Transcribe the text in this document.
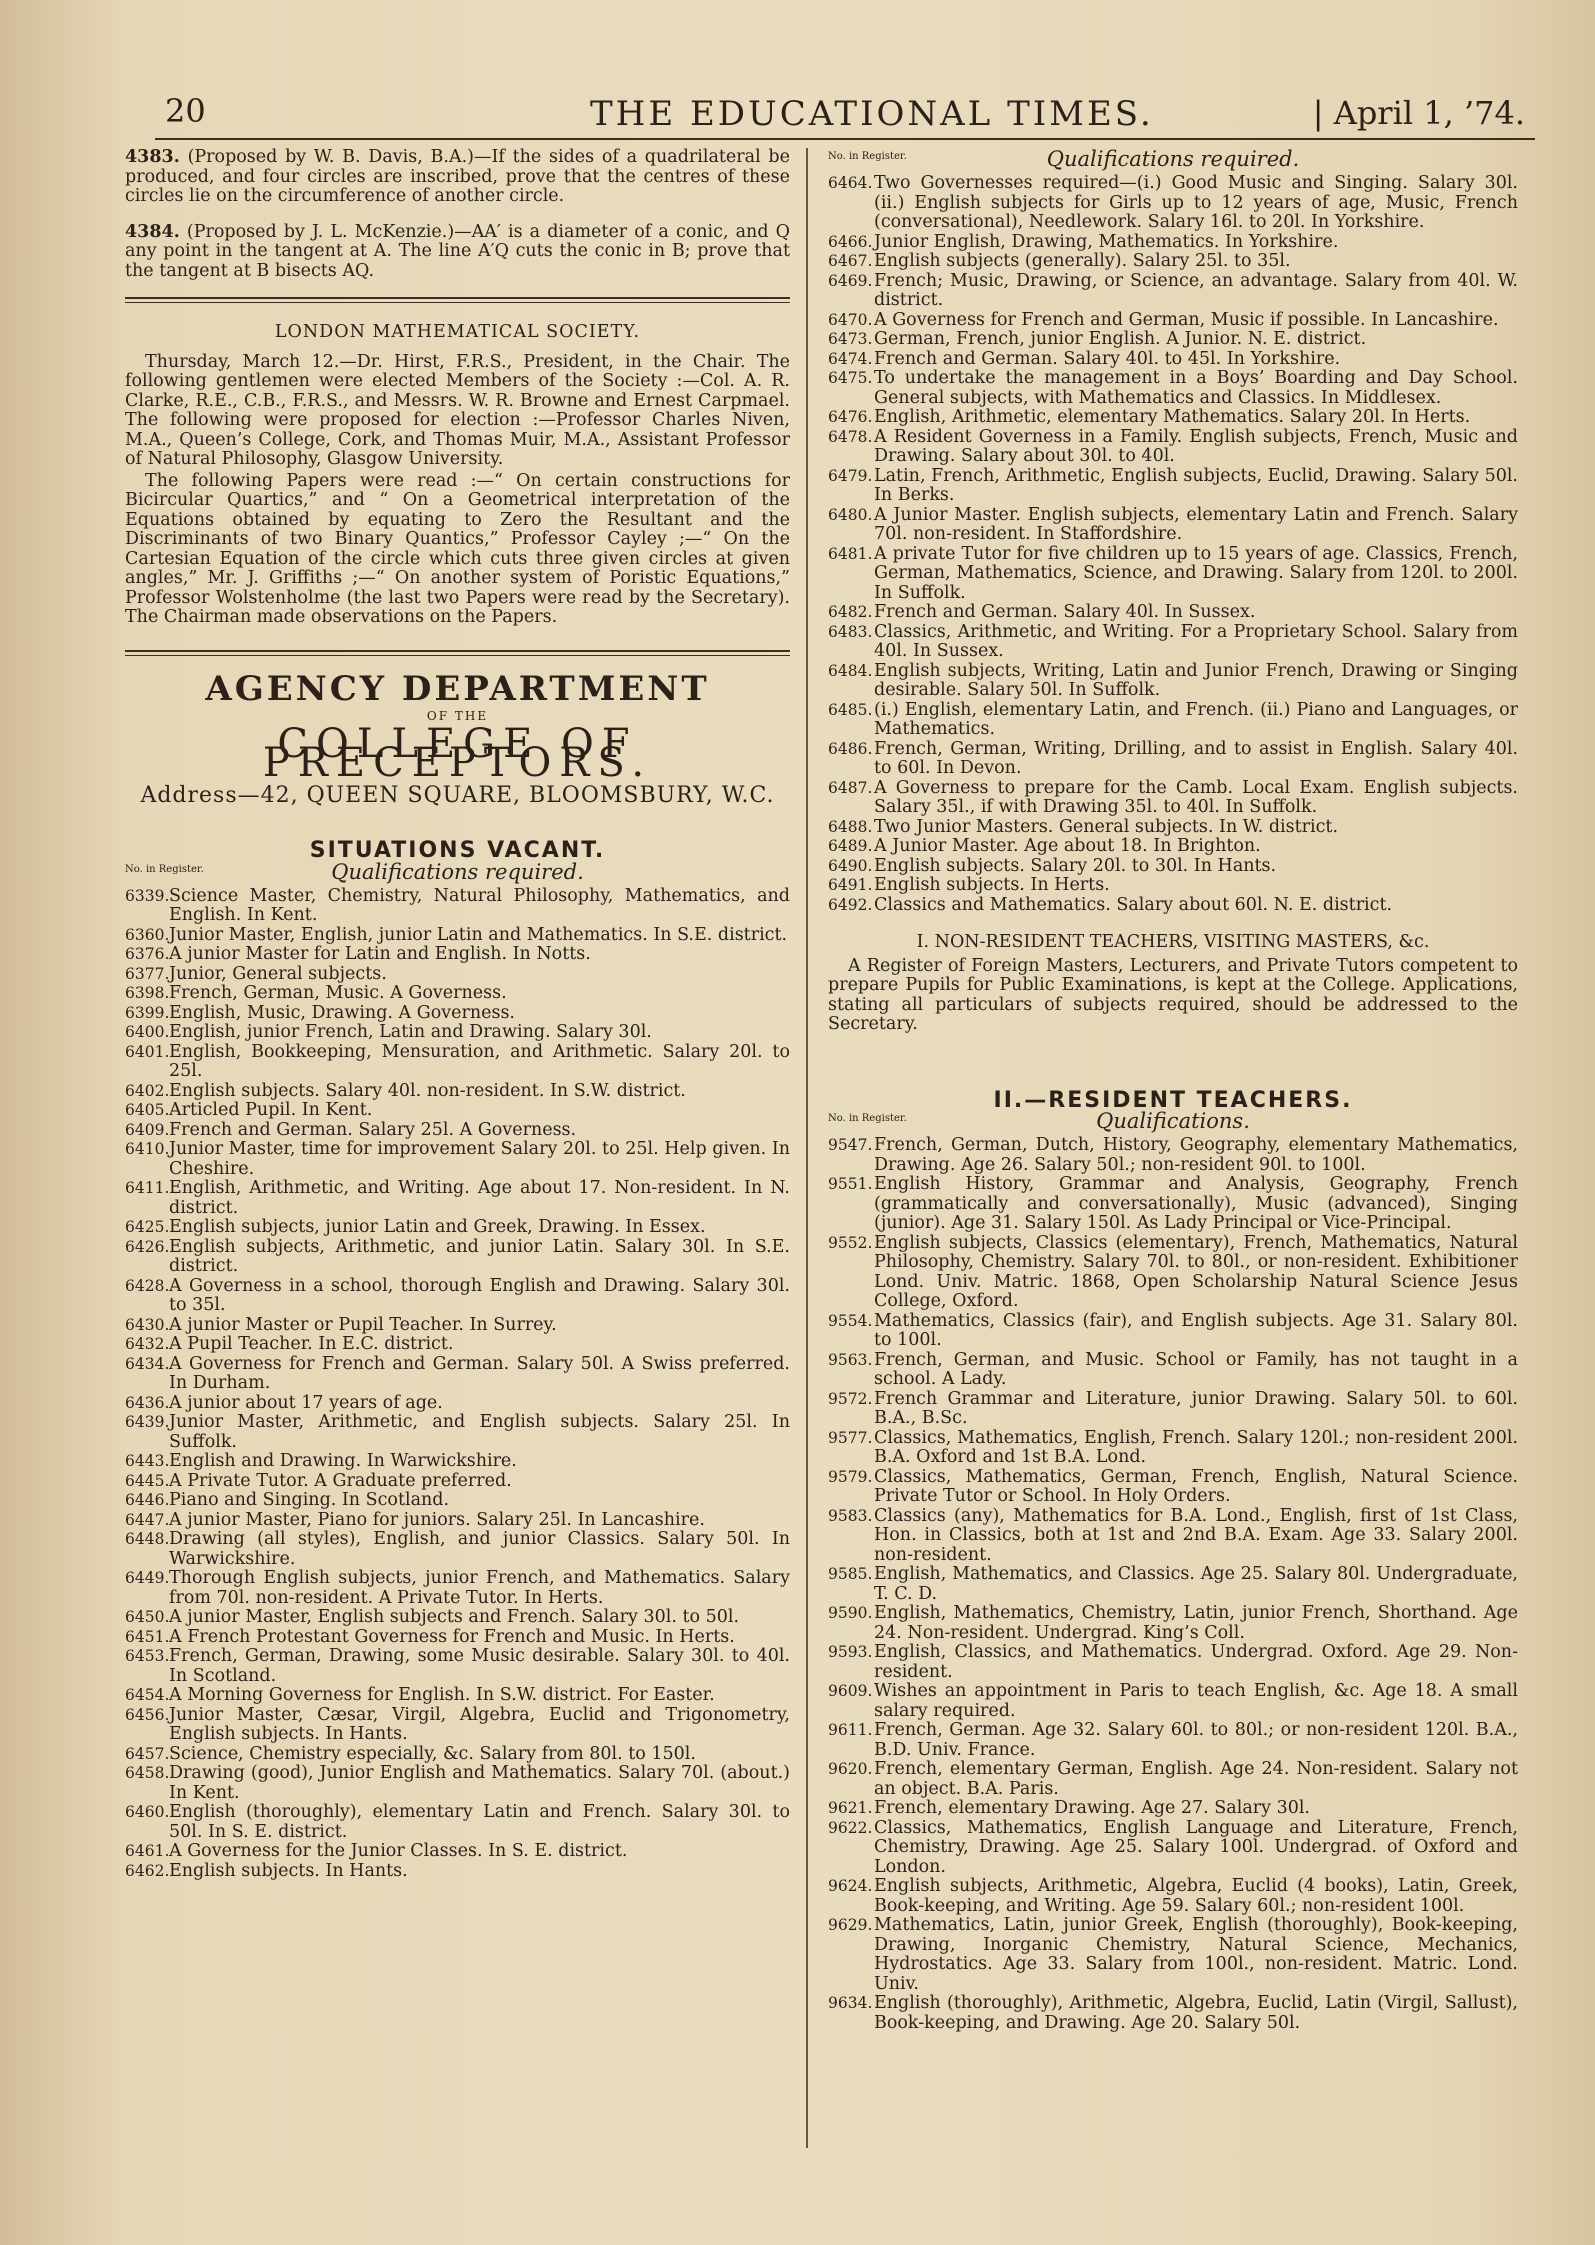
20	THE EDUCATIONAL TIMES.	| April 1, ’74.

4383. (Proposed by W. B. Davis, B.A.)—If the sides of a quadrilateral be produced, and four circles are inscribed, prove that the centres of these circles lie on the circumference of another circle.

4384. (Proposed by J. L. McKenzie.)—AA′ is a diameter of a conic, and Q any point in the tangent at A. The line A′Q cuts the conic in B; prove that the tangent at B bisects AQ.

LONDON MATHEMATICAL SOCIETY.

Thursday, March 12.—Dr. Hirst, F.R.S., President, in the Chair. The following gentlemen were elected Members of the Society :—Col. A. R. Clarke, R.E., C.B., F.R.S., and Messrs. W. R. Browne and Ernest Carpmael. The following were proposed for election :—Professor Charles Niven, M.A., Queen’s College, Cork, and Thomas Muir, M.A., Assistant Professor of Natural Philosophy, Glasgow University.

The following Papers were read :—“ On certain constructions for Bicircular Quartics,” and “ On a Geometrical interpretation of the Equations obtained by equating to Zero the Resultant and the Discriminants of two Binary Quantics,” Professor Cayley ;—“ On the Cartesian Equation of the circle which cuts three given circles at given angles,” Mr. J. Griffiths ;—“ On another system of Poristic Equations,” Professor Wolstenholme (the last two Papers were read by the Secretary). The Chairman made observations on the Papers.

AGENCY DEPARTMENT
OF THE
COLLEGE OF PRECEPTORS.
Address—42, QUEEN SQUARE, BLOOMSBURY, W.C.
SITUATIONS VACANT.
No. in Register.	Qualifications required.
6339. Science Master, Chemistry, Natural Philosophy, Mathematics, and English. In Kent.
6360. Junior Master, English, junior Latin and Mathematics. In S.E. district.
6376. A junior Master for Latin and English. In Notts.
6377. Junior, General subjects.
6398. French, German, Music. A Governess.
6399. English, Music, Drawing. A Governess.
6400. English, junior French, Latin and Drawing. Salary 30l.
6401. English, Bookkeeping, Mensuration, and Arithmetic. Salary 20l. to 25l.
6402. English subjects. Salary 40l. non-resident. In S.W. district.
6405. Articled Pupil. In Kent.
6409. French and German. Salary 25l. A Governess.
6410. Junior Master, time for improvement Salary 20l. to 25l. Help given. In Cheshire.
6411. English, Arithmetic, and Writing. Age about 17. Non-resident. In N. district.
6425. English subjects, junior Latin and Greek, Drawing. In Essex.
6426. English subjects, Arithmetic, and junior Latin. Salary 30l. In S.E. district.
6428. A Governess in a school, thorough English and Drawing. Salary 30l. to 35l.
6430. A junior Master or Pupil Teacher. In Surrey.
6432. A Pupil Teacher. In E.C. district.
6434. A Governess for French and German. Salary 50l. A Swiss preferred. In Durham.
6436. A junior about 17 years of age.
6439. Junior Master, Arithmetic, and English subjects. Salary 25l. In Suffolk.
6443. English and Drawing. In Warwickshire.
6445. A Private Tutor. A Graduate preferred.
6446. Piano and Singing. In Scotland.
6447. A junior Master, Piano for juniors. Salary 25l. In Lancashire.
6448. Drawing (all styles), English, and junior Classics. Salary 50l. In Warwickshire.
6449. Thorough English subjects, junior French, and Mathematics. Salary from 70l. non-resident. A Private Tutor. In Herts.
6450. A junior Master, English subjects and French. Salary 30l. to 50l.
6451. A French Protestant Governess for French and Music. In Herts.
6453. French, German, Drawing, some Music desirable. Salary 30l. to 40l. In Scotland.
6454. A Morning Governess for English. In S.W. district. For Easter.
6456. Junior Master, Cæsar, Virgil, Algebra, Euclid and Trigonometry, English subjects. In Hants.
6457. Science, Chemistry especially, &c. Salary from 80l. to 150l.
6458. Drawing (good), Junior English and Mathematics. Salary 70l. (about.) In Kent.
6460. English (thoroughly), elementary Latin and French. Salary 30l. to 50l. In S. E. district.
6461. A Governess for the Junior Classes. In S. E. district.
6462. English subjects. In Hants.
No. in Register.	Qualifications required.
6464. Two Governesses required—(i.) Good Music and Singing. Salary 30l. (ii.) English subjects for Girls up to 12 years of age, Music, French (conversational), Needlework. Salary 16l. to 20l. In Yorkshire.
6466. Junior English, Drawing, Mathematics. In Yorkshire.
6467. English subjects (generally). Salary 25l. to 35l.
6469. French; Music, Drawing, or Science, an advantage. Salary from 40l. W. district.
6470. A Governess for French and German, Music if possible. In Lancashire.
6473. German, French, junior English. A Junior. N. E. district.
6474. French and German. Salary 40l. to 45l. In Yorkshire.
6475. To undertake the management in a Boys’ Boarding and Day School. General subjects, with Mathematics and Classics. In Middlesex.
6476. English, Arithmetic, elementary Mathematics. Salary 20l. In Herts.
6478. A Resident Governess in a Family. English subjects, French, Music and Drawing. Salary about 30l. to 40l.
6479. Latin, French, Arithmetic, English subjects, Euclid, Drawing. Salary 50l. In Berks.
6480. A Junior Master. English subjects, elementary Latin and French. Salary 70l. non-resident. In Staffordshire.
6481. A private Tutor for five children up to 15 years of age. Classics, French, German, Mathematics, Science, and Drawing. Salary from 120l. to 200l. In Suffolk.
6482. French and German. Salary 40l. In Sussex.
6483. Classics, Arithmetic, and Writing. For a Proprietary School. Salary from 40l. In Sussex.
6484. English subjects, Writing, Latin and Junior French, Drawing or Singing desirable. Salary 50l. In Suffolk.
6485. (i.) English, elementary Latin, and French. (ii.) Piano and Languages, or Mathematics.
6486. French, German, Writing, Drilling, and to assist in English. Salary 40l. to 60l. In Devon.
6487. A Governess to prepare for the Camb. Local Exam. English subjects. Salary 35l., if with Drawing 35l. to 40l. In Suffolk.
6488. Two Junior Masters. General subjects. In W. district.
6489. A Junior Master. Age about 18. In Brighton.
6490. English subjects. Salary 20l. to 30l. In Hants.
6491. English subjects. In Herts.
6492. Classics and Mathematics. Salary about 60l. N. E. district.
I. NON-RESIDENT TEACHERS, VISITING MASTERS, &c.

A Register of Foreign Masters, Lecturers, and Private Tutors competent to prepare Pupils for Public Examinations, is kept at the College. Applications, stating all particulars of subjects required, should be addressed to the Secretary.

II.—RESIDENT TEACHERS.
No. in Register.	Qualifications.
9547. French, German, Dutch, History, Geography, elementary Mathematics, Drawing. Age 26. Salary 50l.; non-resident 90l. to 100l.
9551. English History, Grammar and Analysis, Geography, French (grammatically and conversationally), Music (advanced), Singing (junior). Age 31. Salary 150l. As Lady Principal or Vice-Principal.
9552. English subjects, Classics (elementary), French, Mathematics, Natural Philosophy, Chemistry. Salary 70l. to 80l., or non-resident. Exhibitioner Lond. Univ. Matric. 1868, Open Scholarship Natural Science Jesus College, Oxford.
9554. Mathematics, Classics (fair), and English subjects. Age 31. Salary 80l. to 100l.
9563. French, German, and Music. School or Family, has not taught in a school. A Lady.
9572. French Grammar and Literature, junior Drawing. Salary 50l. to 60l. B.A., B.Sc.
9577. Classics, Mathematics, English, French. Salary 120l.; non-resident 200l. B.A. Oxford and 1st B.A. Lond.
9579. Classics, Mathematics, German, French, English, Natural Science. Private Tutor or School. In Holy Orders.
9583. Classics (any), Mathematics for B.A. Lond., English, first of 1st Class, Hon. in Classics, both at 1st and 2nd B.A. Exam. Age 33. Salary 200l. non-resident.
9585. English, Mathematics, and Classics. Age 25. Salary 80l. Undergraduate, T. C. D.
9590. English, Mathematics, Chemistry, Latin, junior French, Shorthand. Age 24. Non-resident. Undergrad. King’s Coll.
9593. English, Classics, and Mathematics. Undergrad. Oxford. Age 29. Non-resident.
9609. Wishes an appointment in Paris to teach English, &c. Age 18. A small salary required.
9611. French, German. Age 32. Salary 60l. to 80l.; or non-resident 120l. B.A., B.D. Univ. France.
9620. French, elementary German, English. Age 24. Non-resident. Salary not an object. B.A. Paris.
9621. French, elementary Drawing. Age 27. Salary 30l.
9622. Classics, Mathematics, English Language and Literature, French, Chemistry, Drawing. Age 25. Salary 100l. Undergrad. of Oxford and London.
9624. English subjects, Arithmetic, Algebra, Euclid (4 books), Latin, Greek, Book-keeping, and Writing. Age 59. Salary 60l.; non-resident 100l.
9629. Mathematics, Latin, junior Greek, English (thoroughly), Book-keeping, Drawing, Inorganic Chemistry, Natural Science, Mechanics, Hydrostatics. Age 33. Salary from 100l., non-resident. Matric. Lond. Univ.
9634. English (thoroughly), Arithmetic, Algebra, Euclid, Latin (Virgil, Sallust), Book-keeping, and Drawing. Age 20. Salary 50l.
